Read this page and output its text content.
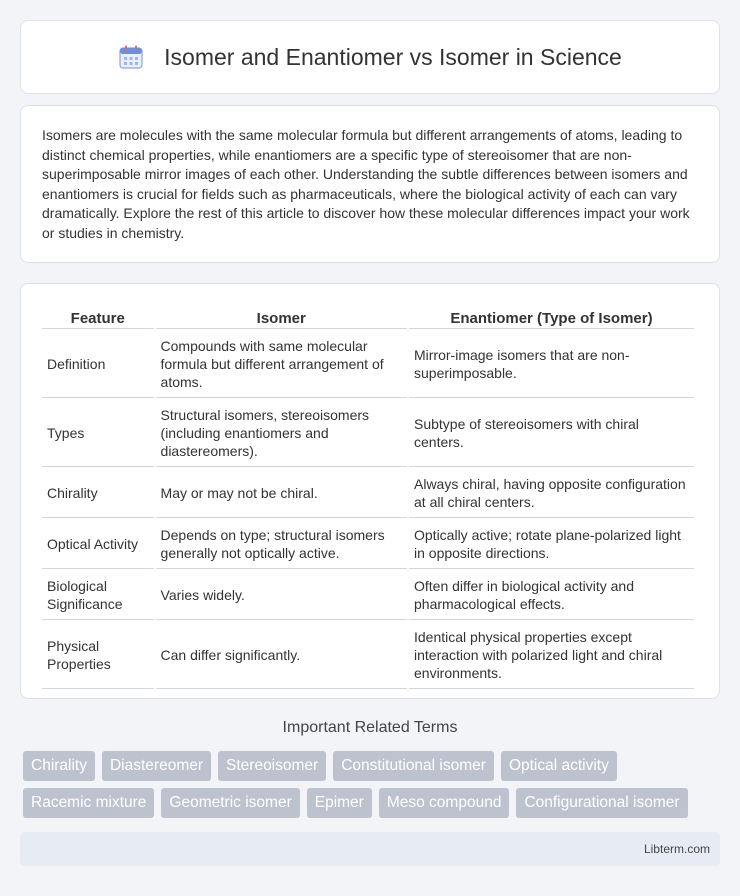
Isomer and Enantiomer vs Isomer in Science

Isomers are molecules with the same molecular formula but different arrangements of atoms, leading to distinct chemical properties, while enantiomers are a specific type of stereoisomer that are non-superimposable mirror images of each other. Understanding the subtle differences between isomers and enantiomers is crucial for fields such as pharmaceuticals, where the biological activity of each can vary dramatically. Explore the rest of this article to discover how these molecular differences impact your work or studies in chemistry.

Feature	Isomer	Enantiomer (Type of Isomer)
Definition	Compounds with same molecular formula but different arrangement of atoms.	Mirror-image isomers that are non-superimposable.
Types	Structural isomers, stereoisomers (including enantiomers and diastereomers).	Subtype of stereoisomers with chiral centers.
Chirality	May or may not be chiral.	Always chiral, having opposite configuration at all chiral centers.
Optical Activity	Depends on type; structural isomers generally not optically active.	Optically active; rotate plane-polarized light in opposite directions.
Biological Significance	Varies widely.	Often differ in biological activity and pharmacological effects.
Physical Properties	Can differ significantly.	Identical physical properties except interaction with polarized light and chiral environments.
Important Related Terms
Chirality	Diastereomer	Stereoisomer	Constitutional isomer	Optical activity
Racemic mixture	Geometric isomer	Epimer	Meso compound	Configurational isomer
Libterm.com
